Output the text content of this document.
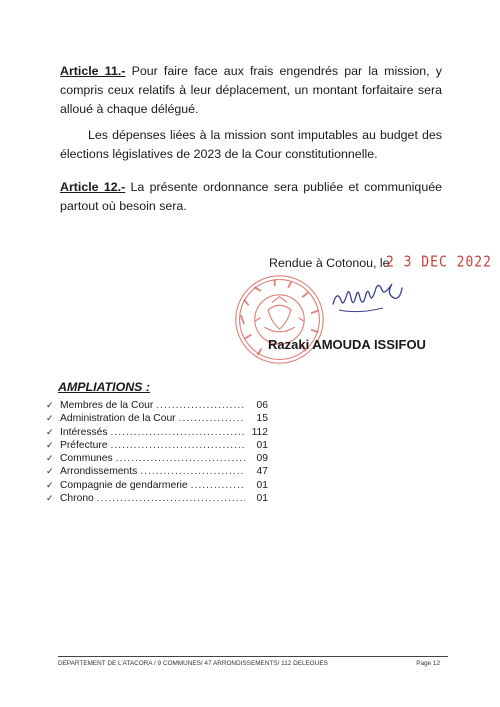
Article 11.- Pour faire face aux frais engendrés par la mission, y compris ceux relatifs à leur déplacement, un montant forfaitaire sera alloué à chaque délégué.
Les dépenses liées à la mission sont imputables au budget des élections législatives de 2023 de la Cour constitutionnelle.
Article 12.- La présente ordonnance sera publiée et communiquée partout où besoin sera.
Rendue à Cotonou, le
2 3 DEC 2022
Razaki AMOUDA ISSIFOU
AMPLIATIONS :
✓ Membres de la Cour .....	06
✓ Administration de la Cour .....	15
✓ Intéressés .....	112
✓ Préfecture .....	01
✓ Communes .....	09
✓ Arrondissements .....	47
✓ Compagnie de gendarmerie .....	01
✓ Chrono .....	01
DEPARTEMENT DE L’ATACORA / 9 COMMUNES/ 47 ARRONDISSEMENTS/ 112 DELEGUES	Page 12
